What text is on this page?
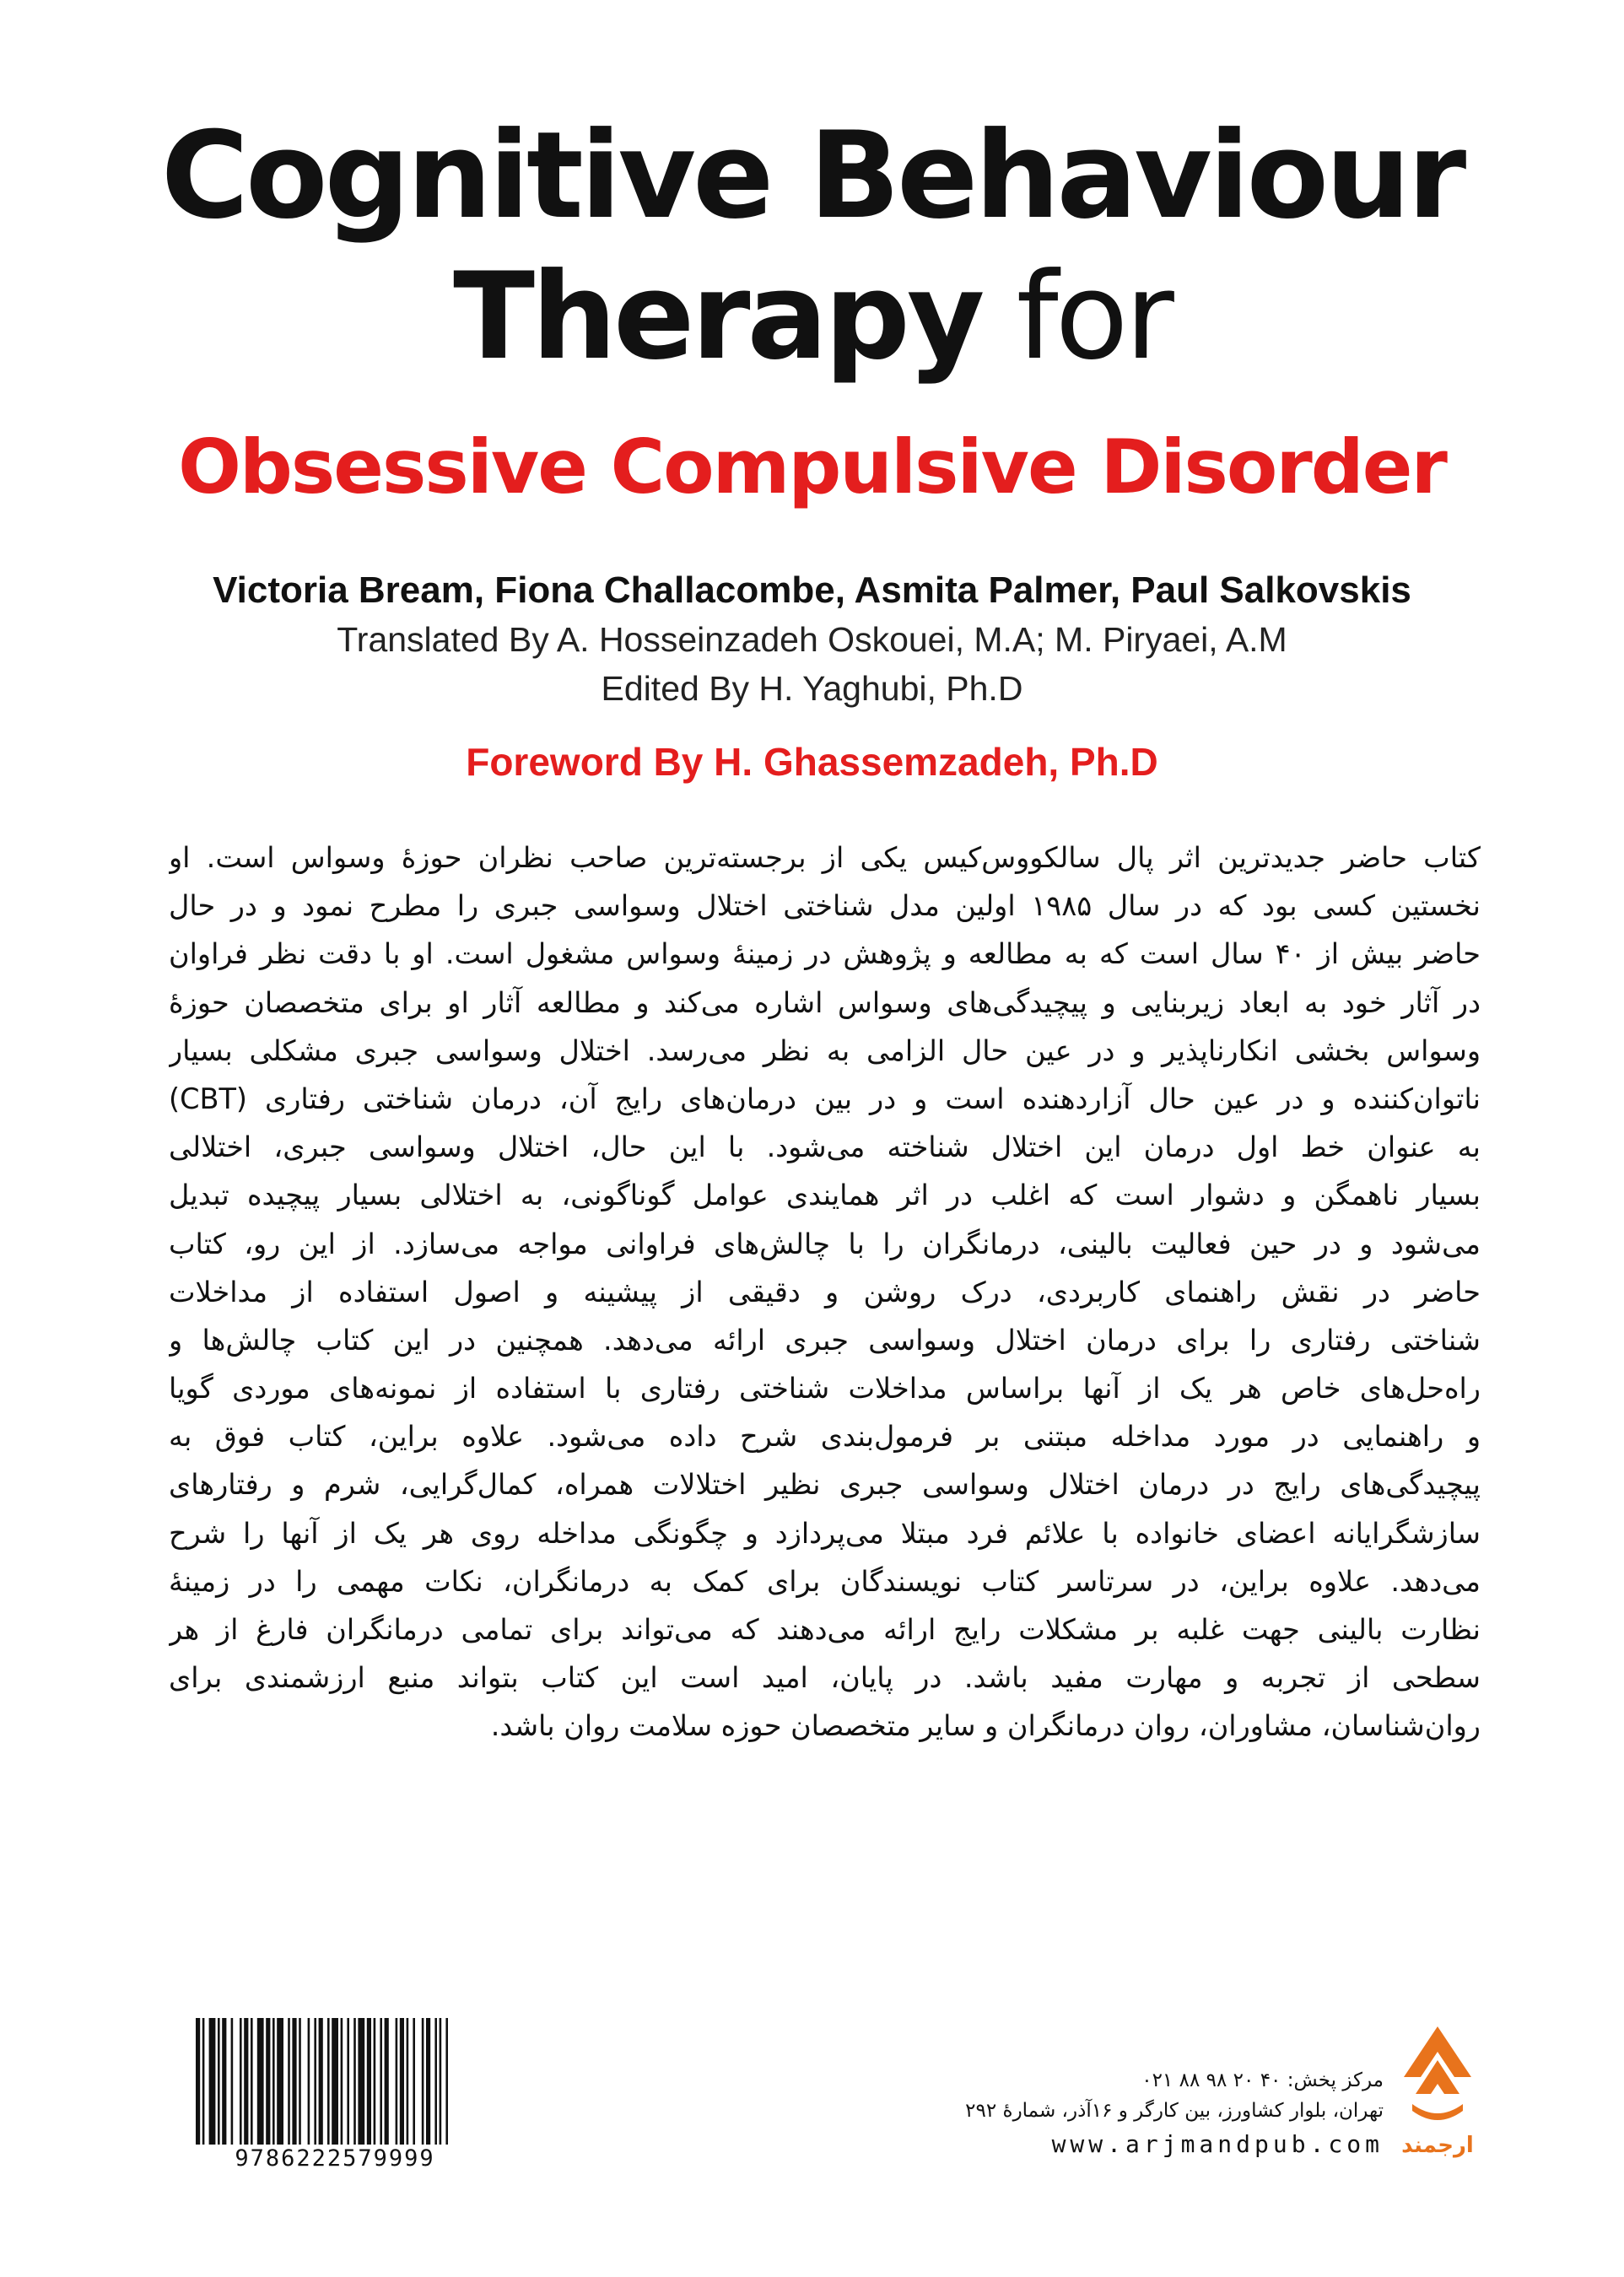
Cognitive Behaviour
Therapy for
Obsessive Compulsive Disorder
Victoria Bream, Fiona Challacombe, Asmita Palmer, Paul Salkovskis
Translated By A. Hosseinzadeh Oskouei, M.A; M. Piryaei, A.M
Edited By H. Yaghubi, Ph.D
Foreword By H. Ghassemzadeh, Ph.D
کتاب حاضر جدیدترین اثر پال سالکووس‌کیس یکی از برجسته‌ترین صاحب نظران حوزهٔ وسواس است. او
نخستین کسی بود که در سال ۱۹۸۵ اولین مدل شناختی اختلال وسواسی جبری را مطرح نمود و در حال
حاضر بیش از ۴۰ سال است که به مطالعه و پژوهش در زمینهٔ وسواس مشغول است. او با دقت نظر فراوان
در آثار خود به ابعاد زیربنایی و پیچیدگی‌های وسواس اشاره می‌کند و مطالعه آثار او برای متخصصان حوزهٔ
وسواس بخشی انکارناپذیر و در عین حال الزامی به نظر می‌رسد. اختلال وسواسی جبری مشکلی بسیار
ناتوان‌کننده و در عین حال آزاردهنده است و در بین درمان‌های رایج آن، درمان شناختی رفتاری (CBT)
به عنوان خط اول درمان این اختلال شناخته می‌شود. با این حال، اختلال وسواسی جبری، اختلالی
بسیار ناهمگن و دشوار است که اغلب در اثر همایندی عوامل گوناگونی، به اختلالی بسیار پیچیده تبدیل
می‌شود و در حین فعالیت بالینی، درمانگران را با چالش‌های فراوانی مواجه می‌سازد. از این رو، کتاب
حاضر در نقش راهنمای کاربردی، درک روشن و دقیقی از پیشینه و اصول استفاده از مداخلات
شناختی رفتاری را برای درمان اختلال وسواسی جبری ارائه می‌دهد. همچنین در این کتاب چالش‌ها و
راه‌حل‌های خاص هر یک از آنها براساس مداخلات شناختی رفتاری با استفاده از نمونه‌های موردی گویا
و راهنمایی در مورد مداخله مبتنی بر فرمول‌بندی شرح داده می‌شود. علاوه براین، کتاب فوق به
پیچیدگی‌های رایج در درمان اختلال وسواسی جبری نظیر اختلالات همراه، کمال‌گرایی، شرم و رفتارهای
سازشگرایانه اعضای خانواده با علائم فرد مبتلا می‌پردازد و چگونگی مداخله روی هر یک از آنها را شرح
می‌دهد. علاوه براین، در سرتاسر کتاب نویسندگان برای کمک به درمانگران، نکات مهمی را در زمینهٔ
نظارت بالینی جهت غلبه بر مشکلات رایج ارائه می‌دهند که می‌تواند برای تمامی درمانگران فارغ از هر
سطحی از تجربه و مهارت مفید باشد. در پایان، امید است این کتاب بتواند منبع ارزشمندی برای
روان‌شناسان، مشاوران، روان درمانگران و سایر متخصصان حوزه سلامت روان باشد.
9786222579999
مرکز پخش: ۴۰ ۲۰ ۹۸ ۸۸ ۰۲۱
تهران، بلوار کشاورز، بین کارگر و ۱۶آذر، شمارهٔ ۲۹۲
www.arjmandpub.com ارجمند
